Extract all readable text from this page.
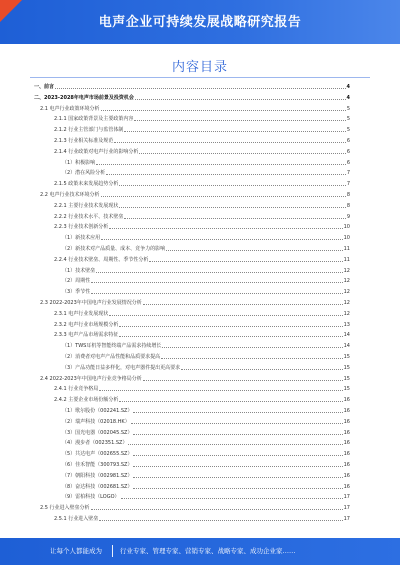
电声企业可持续发展战略研究报告
内容目录
一、前言	4
二、2023-2028年电声市场前景及投资机会	4
2.1 电声行业政策环境分析	5
2.1.1 国家政策背景及主要政策内容	5
2.1.2 行业主管部门与监管体制	5
2.1.3 行业相关标准及规范	6
2.1.4 行业政策对电声行业的影响分析	6
（1）积极影响	6
（2）潜在风险分析	7
2.1.5 政策未来发展趋势分析	7
2.2 电声行业技术环境分析	8
2.2.1 主要行业技术发展现状	8
2.2.2 行业技术水平、技术壁垒	9
2.2.3 行业技术创新分析	10
（1）新技术应用	10
（2）新技术对产品质量、成本、竞争力的影响	11
2.2.4 行业技术壁垒、周期性、季节性分析	11
（1）技术壁垒	12
（2）周期性	12
（3）季节性	12
2.3 2022-2023年中国电声行业发展情况分析	12
2.3.1 电声行业发展现状	12
2.3.2 电声行业市场规模分析	13
2.3.3 电声产品市场需求特征	14
（1）TWS耳机等智能终端产品需求持续增长	14
（2）消费者对电声产品性能和品质要求提高	15
（3）产品功能日益多样化，对电声器件提出更高要求	15
2.4 2022-2023年中国电声行业竞争格局分析	15
2.4.1 行业竞争格局	15
2.4.2 主要企业市场份额分析	16
（1）歌尔股份（002241.SZ）	16
（2）瑞声科技（02018.HK）	16
（3）国光电器（002045.SZ）	16
（4）漫步者（002351.SZ）	16
（5）共达电声（002655.SZ）	16
（6）佳禾智能（300793.SZ）	16
（7）朝阳科技（002981.SZ）	16
（8）奋达科技（002681.SZ）	16
（9）雷柏科技（LOGO）	17
2.5 行业进入壁垒分析	17
2.5.1 行业进入壁垒	17
让每个人都能成为	行业专家、管理专家、营销专家、战略专家、成功企业家……
